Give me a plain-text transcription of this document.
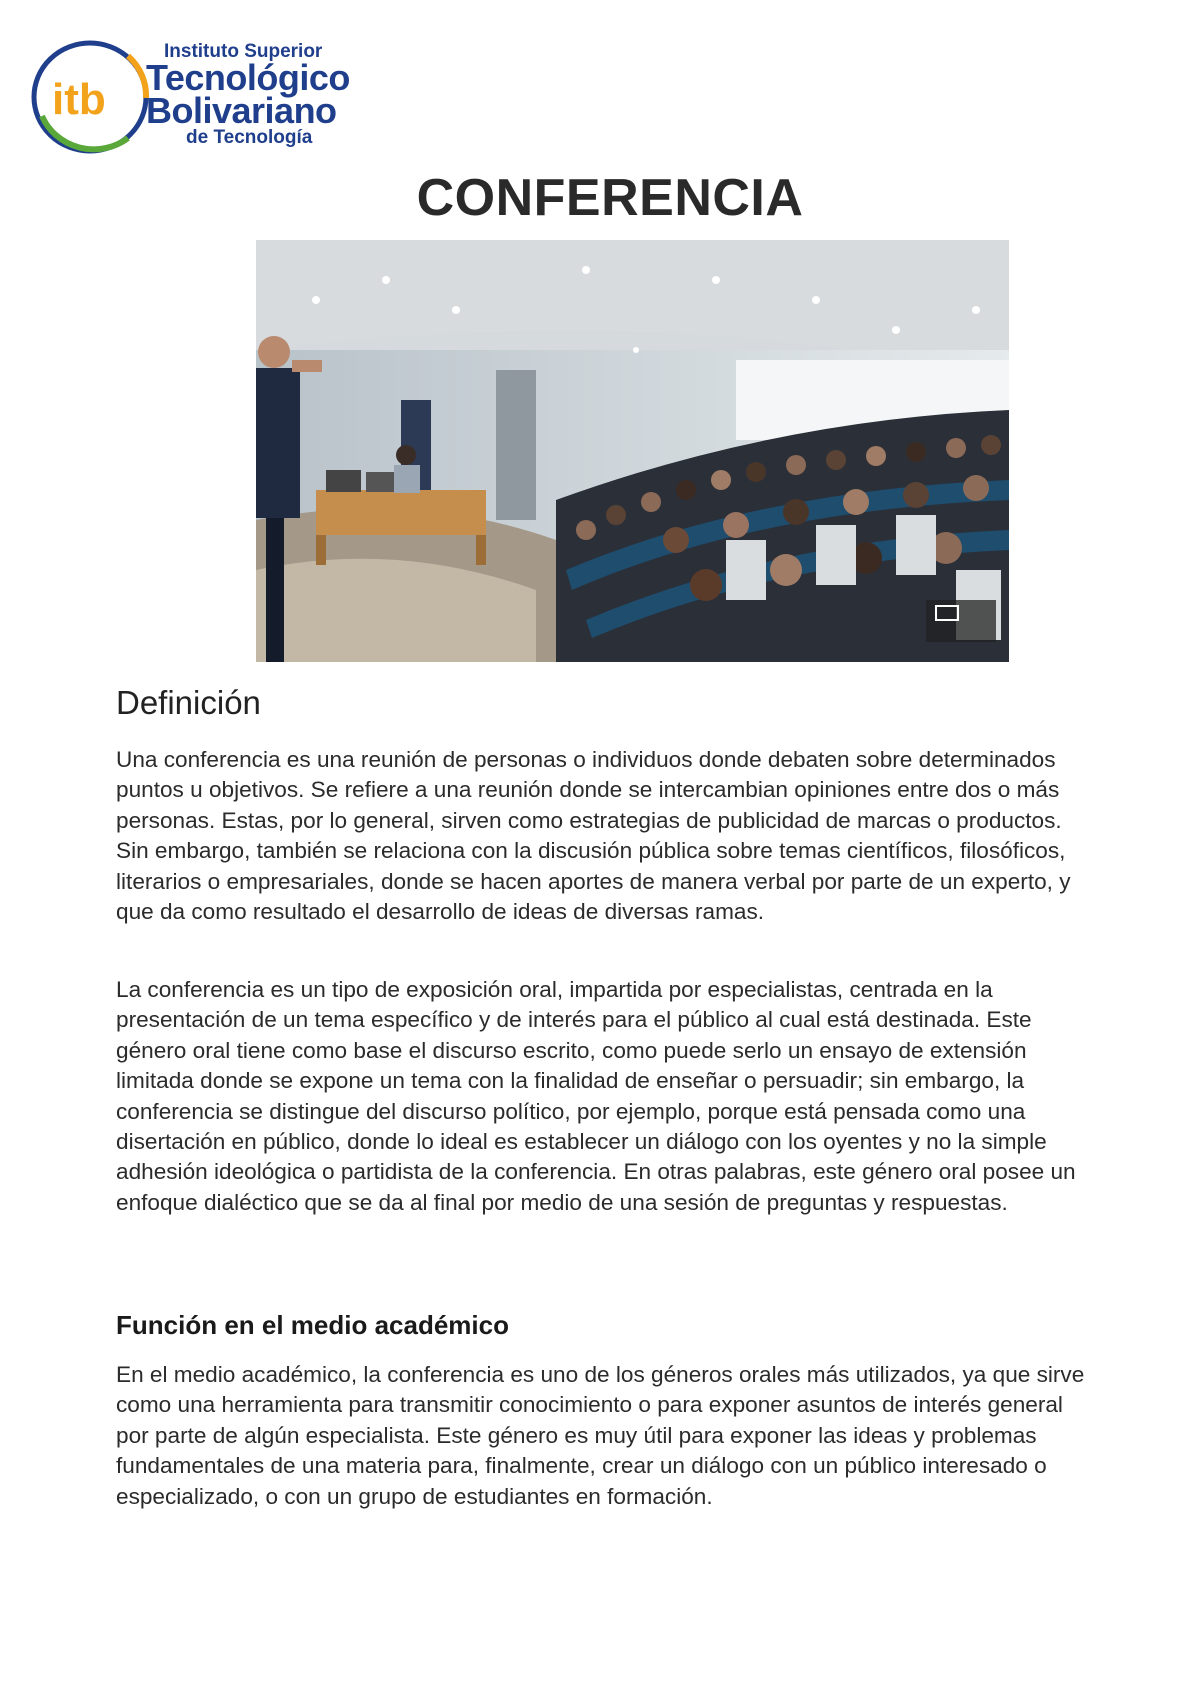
itb
Instituto Superior
Tecnológico
Bolivariano
de Tecnología
CONFERENCIA
Definición

Una conferencia es una reunión de personas o individuos donde debaten sobre determinados puntos u objetivos. Se refiere a una reunión donde se intercambian opiniones entre dos o más personas. Estas, por lo general, sirven como estrategias de publicidad de marcas o productos. Sin embargo, también se relaciona con la discusión pública sobre temas científicos, filosóficos, literarios o empresariales, donde se hacen aportes de manera verbal por parte de un experto, y que da como resultado el desarrollo de ideas de diversas ramas.

La conferencia es un tipo de exposición oral, impartida por especialistas, centrada en la presentación de un tema específico y de interés para el público al cual está destinada. Este género oral tiene como base el discurso escrito, como puede serlo un ensayo de extensión limitada donde se expone un tema con la finalidad de enseñar o persuadir; sin embargo, la conferencia se distingue del discurso político, por ejemplo, porque está pensada como una disertación en público, donde lo ideal es establecer un diálogo con los oyentes y no la simple adhesión ideológica o partidista de la conferencia. En otras palabras, este género oral posee un enfoque dialéctico que se da al final por medio de una sesión de preguntas y respuestas.

Función en el medio académico

En el medio académico, la conferencia es uno de los géneros orales más utilizados, ya que sirve como una herramienta para transmitir conocimiento o para exponer asuntos de interés general por parte de algún especialista. Este género es muy útil para exponer las ideas y problemas fundamentales de una materia para, finalmente, crear un diálogo con un público interesado o especializado, o con un grupo de estudiantes en formación.
